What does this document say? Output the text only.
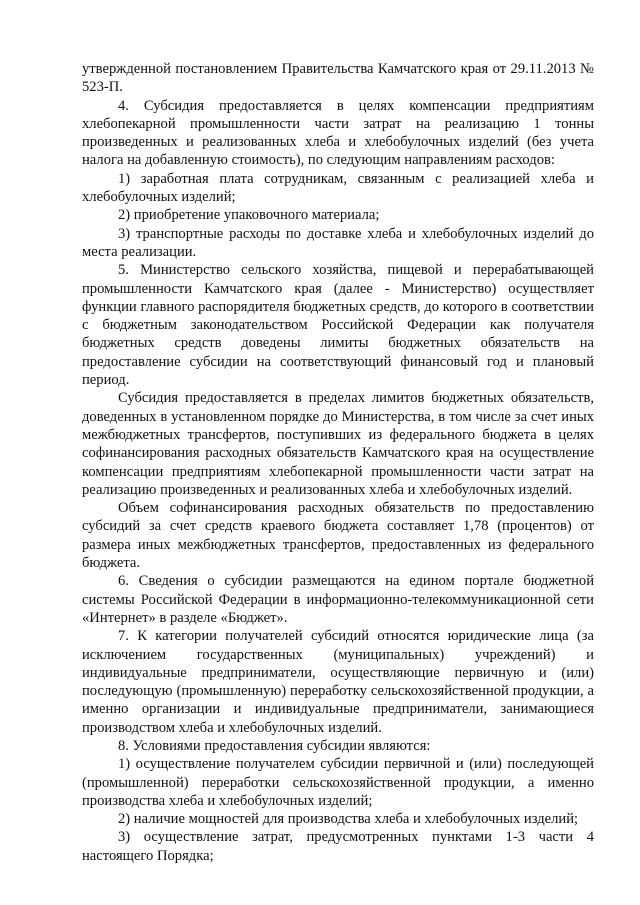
утвержденной постановлением Правительства Камчатского края от 29.11.2013 № 523-П.

4. Субсидия предоставляется в целях компенсации предприятиям хлебопекарной промышленности части затрат на реализацию 1 тонны произведенных и реализованных хлеба и хлебобулочных изделий (без учета налога на добавленную стоимость), по следующим направлениям расходов:

1) заработная плата сотрудникам, связанным с реализацией хлеба и хлебобулочных изделий;

2) приобретение упаковочного материала;

3) транспортные расходы по доставке хлеба и хлебобулочных изделий до места реализации.

5. Министерство сельского хозяйства, пищевой и перерабатывающей промышленности Камчатского края (далее - Министерство) осуществляет функции главного распорядителя бюджетных средств, до которого в соответствии с бюджетным законодательством Российской Федерации как получателя бюджетных средств доведены лимиты бюджетных обязательств на предоставление субсидии на соответствующий финансовый год и плановый период.

Субсидия предоставляется в пределах лимитов бюджетных обязательств, доведенных в установленном порядке до Министерства, в том числе за счет иных межбюджетных трансфертов, поступивших из федерального бюджета в целях софинансирования расходных обязательств Камчатского края на осуществление компенсации предприятиям хлебопекарной промышленности части затрат на реализацию произведенных и реализованных хлеба и хлебобулочных изделий.

Объем софинансирования расходных обязательств по предоставлению субсидий за счет средств краевого бюджета составляет 1,78 (процентов) от размера иных межбюджетных трансфертов, предоставленных из федерального бюджета.

6. Сведения о субсидии размещаются на едином портале бюджетной системы Российской Федерации в информационно-телекоммуникационной сети «Интернет» в разделе «Бюджет».

7. К категории получателей субсидий относятся юридические лица (за исключением государственных (муниципальных) учреждений) и индивидуальные предприниматели, осуществляющие первичную и (или) последующую (промышленную) переработку сельскохозяйственной продукции, а именно организации и индивидуальные предприниматели, занимающиеся производством хлеба и хлебобулочных изделий.

8. Условиями предоставления субсидии являются:

1) осуществление получателем субсидии первичной и (или) последующей (промышленной) переработки сельскохозяйственной продукции, а именно производства хлеба и хлебобулочных изделий;

2) наличие мощностей для производства хлеба и хлебобулочных изделий;

3) осуществление затрат, предусмотренных пунктами 1-3 части 4 настоящего Порядка;
